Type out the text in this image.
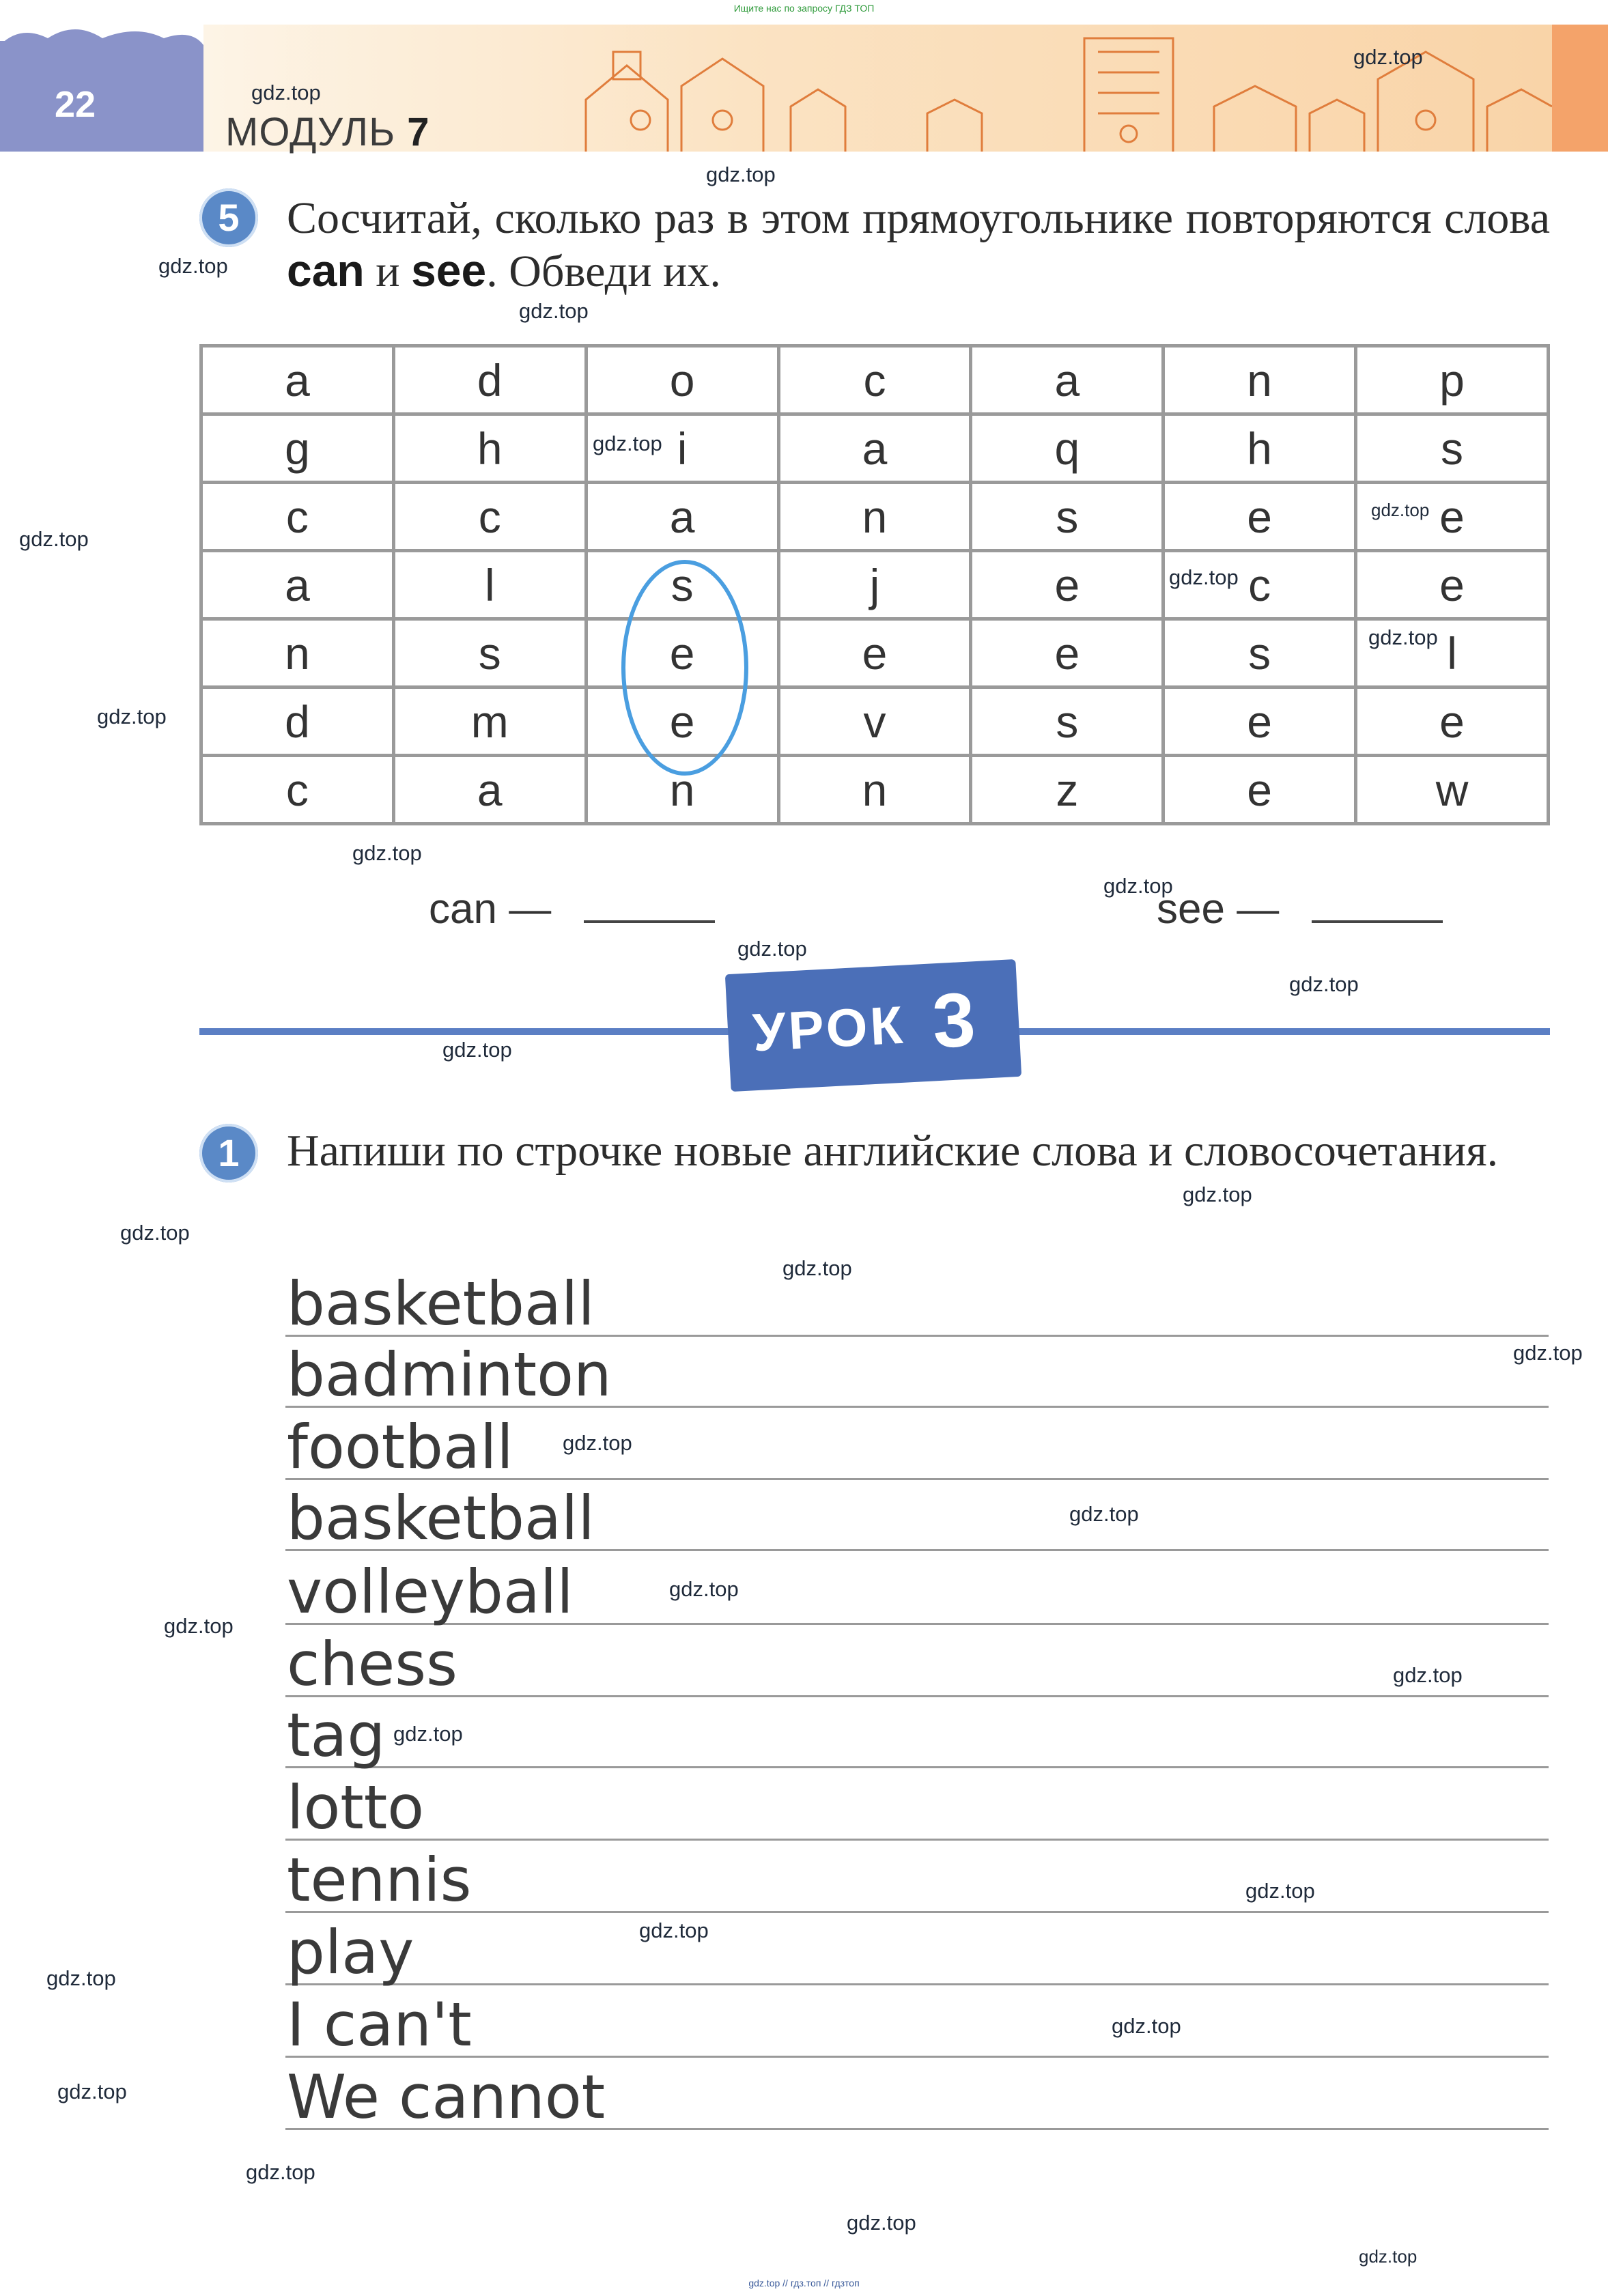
Ищите нас по запросу ГДЗ ТОП
22
МОДУЛЬ 7
5	Сосчитай, сколько раз в этом прямоугольнике повторяются слова can и see. Обведи их.
a	d	o	c	a	n	p
g	h	i	a	q	h	s
c	c	a	n	s	e	e
a	l	s	j	e	c	e
n	s	e	e	e	s	l
d	m	e	v	s	e	e
c	a	n	n	z	e	w
can —	see —
УРОК 3
1	Напиши по строчке новые английские слова и словосочетания.
basketball
badminton
football
basketball
volleyball
chess
tag
lotto
tennis
play
I can't
We cannot
gdz.top
gdz.top
gdz.top
gdz.top
gdz.top
gdz.top
gdz.top
gdz.top
gdz.top
gdz.top
gdz.top
gdz.top
gdz.top
gdz.top
gdz.top
gdz.top
gdz.top
gdz.top
gdz.top
gdz.top
gdz.top
gdz.top
gdz.top
gdz.top
gdz.top
gdz.top
gdz.top
gdz.top
gdz.top
gdz.top
gdz.top
gdz.top
gdz.top
gdz.top
gdz.top // гдз.топ // гдзтоп
